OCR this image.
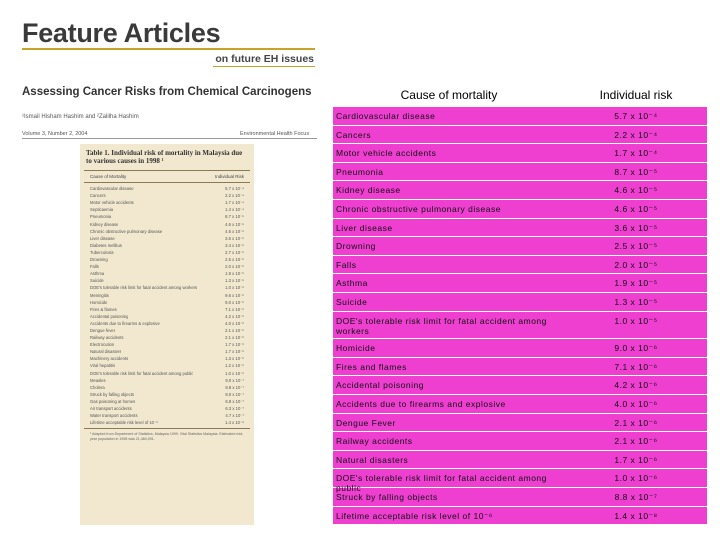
Feature Articles
on future EH issues
Assessing Cancer Risks from Chemical Carcinogens
¹Ismail Hisham Hashim and ²Zalilha Hashim
Volume 3, Number 2, 2004	Environmental Health Focus
Table 1. Individual risk of mortality in Malaysia due to various causes in 1998 ¹
Cause of Mortality	Individual Risk
Cardiovascular disease	5.7 x 10⁻⁴
Cancers	2.2 x 10⁻⁴
Motor vehicle accidents	1.7 x 10⁻⁴
Septicaemia	1.4 x 10⁻⁴
Pneumonia	8.7 x 10⁻⁵
Kidney disease	4.6 x 10⁻⁵
Chronic obstructive pulmonary disease	4.6 x 10⁻⁵
Liver disease	3.6 x 10⁻⁵
Diabetes mellitus	3.4 x 10⁻⁵
Tuberculosis	2.7 x 10⁻⁵
Drowning	2.5 x 10⁻⁵
Falls	2.0 x 10⁻⁵
Asthma	1.9 x 10⁻⁵
Suicide	1.3 x 10⁻⁵
DOE's tolerable risk limit for fatal accident among workers	1.0 x 10⁻⁵
Meningitis	9.6 x 10⁻⁶
Homicide	9.0 x 10⁻⁶
Fires & flames	7.1 x 10⁻⁶
Accidental poisoning	4.2 x 10⁻⁶
Accidents due to firearms & explosive	4.0 x 10⁻⁶
Dengue fever	2.1 x 10⁻⁶
Railway accidents	2.1 x 10⁻⁶
Electrocution	1.7 x 10⁻⁶
Natural disasters	1.7 x 10⁻⁶
Machinery accidents	1.3 x 10⁻⁶
Viral hepatitis	1.2 x 10⁻⁶
DOE's tolerable risk limit for fatal accident among public	1.0 x 10⁻⁶
Measles	9.0 x 10⁻⁷
Cholera	8.8 x 10⁻⁷
Struck by falling objects	8.0 x 10⁻⁷
Gas poisoning at homes	6.8 x 10⁻⁷
Air transport accidents	6.3 x 10⁻⁷
Water transport accidents	4.7 x 10⁻⁷
Lifetime acceptable risk level of 10⁻⁶	1.4 x 10⁻⁸
¹ Adapted from Department of Statistics, Malaysia 1999. Vital Statistics Malaysia. Estimated mid-year population in 1998 was 21,484,091.
Cause of mortality	Individual risk
Cardiovascular disease	5.7 x 10⁻⁴
Cancers	2.2 x 10⁻⁴
Motor vehicle accidents	1.7 x 10⁻⁴
Pneumonia	8.7 x 10⁻⁵
Kidney disease	4.6 x 10⁻⁵
Chronic obstructive pulmonary disease	4.6 x 10⁻⁵
Liver disease	3.6 x 10⁻⁵
Drowning	2.5 x 10⁻⁵
Falls	2.0 x 10⁻⁵
Asthma	1.9 x 10⁻⁵
Suicide	1.3 x 10⁻⁵
DOE's tolerable risk limit for fatal accident among workers
1.0 x 10⁻⁵
Homicide	9.0 x 10⁻⁶
Fires and flames	7.1 x 10⁻⁶
Accidental poisoning	4.2 x 10⁻⁶
Accidents due to firearms and explosive	4.0 x 10⁻⁶
Dengue Fever	2.1 x 10⁻⁶
Railway accidents	2.1 x 10⁻⁶
Natural disasters	1.7 x 10⁻⁶
DOE's tolerable risk limit for fatal accident among public
1.0 x 10⁻⁶
Struck by falling objects	8.8 x 10⁻⁷
Lifetime acceptable risk level of 10⁻⁶	1.4 x 10⁻⁸
